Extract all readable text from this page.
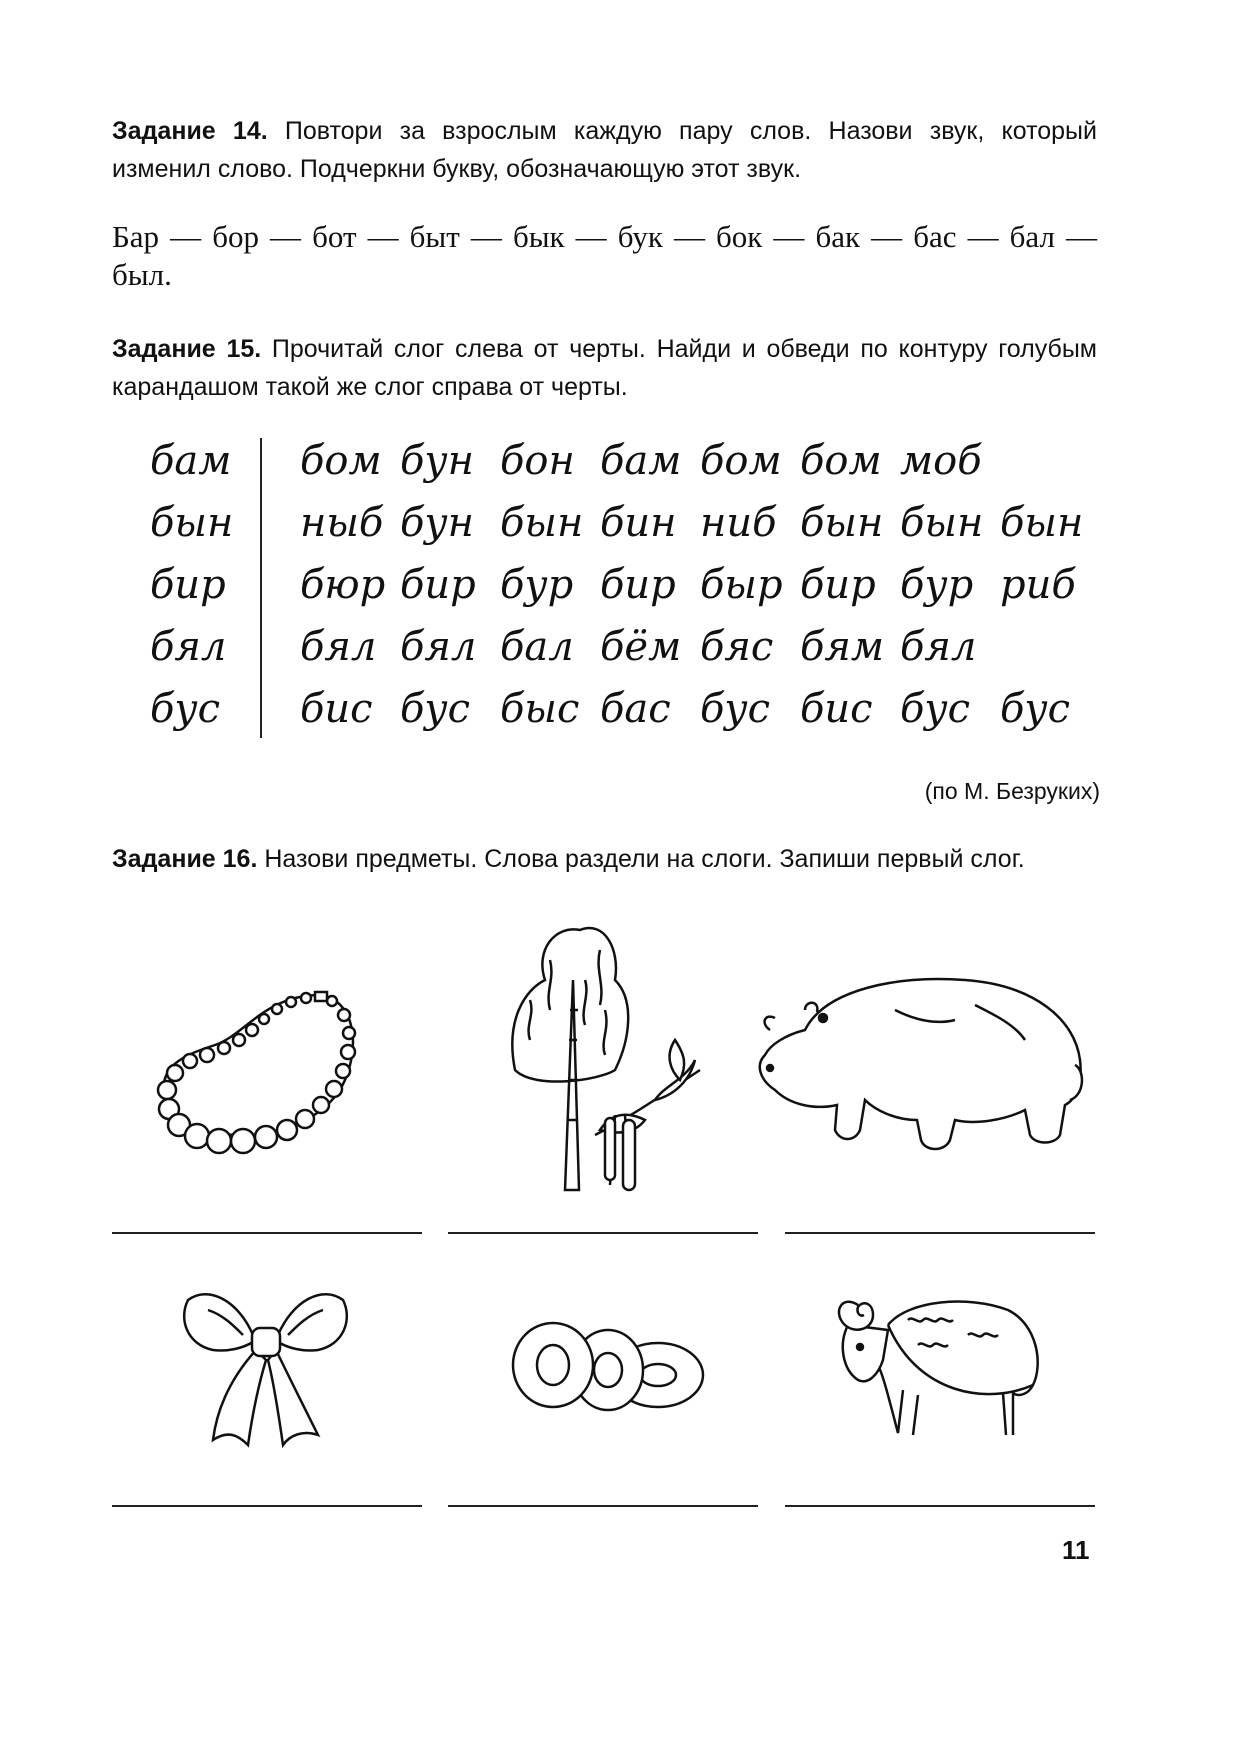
Задание 14. Повтори за взрослым каждую пару слов. Назови звук, который изменил слово. Подчеркни букву, обозначающую этот звук.
Бар — бор — бот — быт — бык — бук — бок — бак — бас — бал — был.
Задание 15. Прочитай слог слева от черты. Найди и обведи по контуру голубым карандашом такой же слог справа от черты.
бам бом бун бон бам бом бом моб
бын ныб бун бын бин ниб бын бын бын
бир бюр бир бур бир быр бир бур риб
бял бял бял бал бём бяс бям бял
бус бис бус быс бас бус бис бус бус
(по М. Безруких)
Задание 16. Назови предметы. Слова раздели на слоги. Запиши первый слог.
11
